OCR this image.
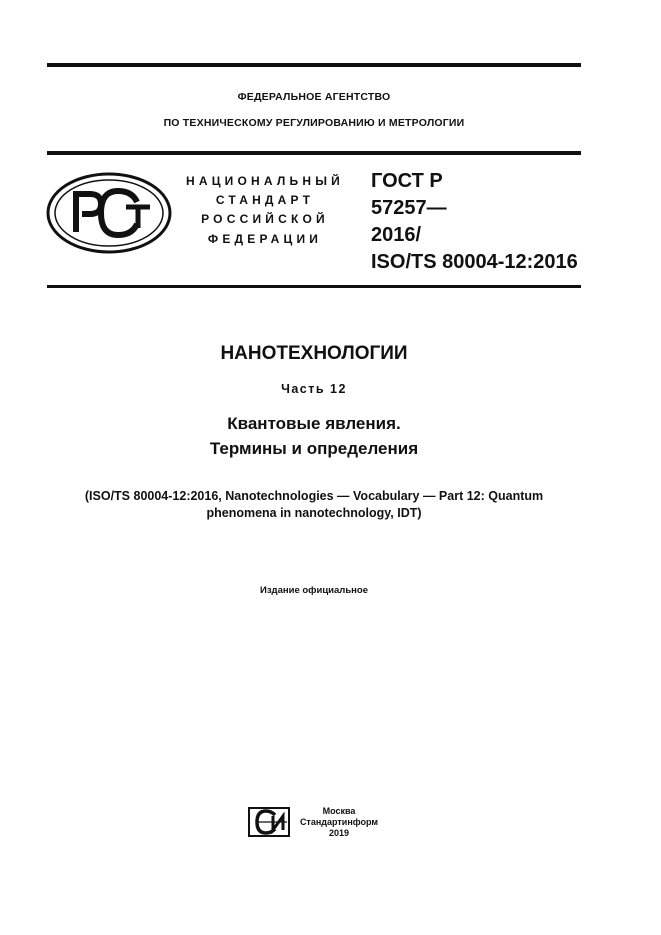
ФЕДЕРАЛЬНОЕ АГЕНТСТВО
ПО ТЕХНИЧЕСКОМУ РЕГУЛИРОВАНИЮ И МЕТРОЛОГИИ
НАЦИОНАЛЬНЫЙ
СТАНДАРТ
РОССИЙСКОЙ
ФЕДЕРАЦИИ
ГОСТ Р
57257—
2016/
ISO/TS 80004-12:2016
НАНОТЕХНОЛОГИИ
Часть 12
Квантовые явления.
Термины и определения
(ISO/TS 80004-12:2016, Nanotechnologies — Vocabulary — Part 12: Quantum
phenomena in nanotechnology, IDT)
Издание официальное
Москва
Стандартинформ
2019
